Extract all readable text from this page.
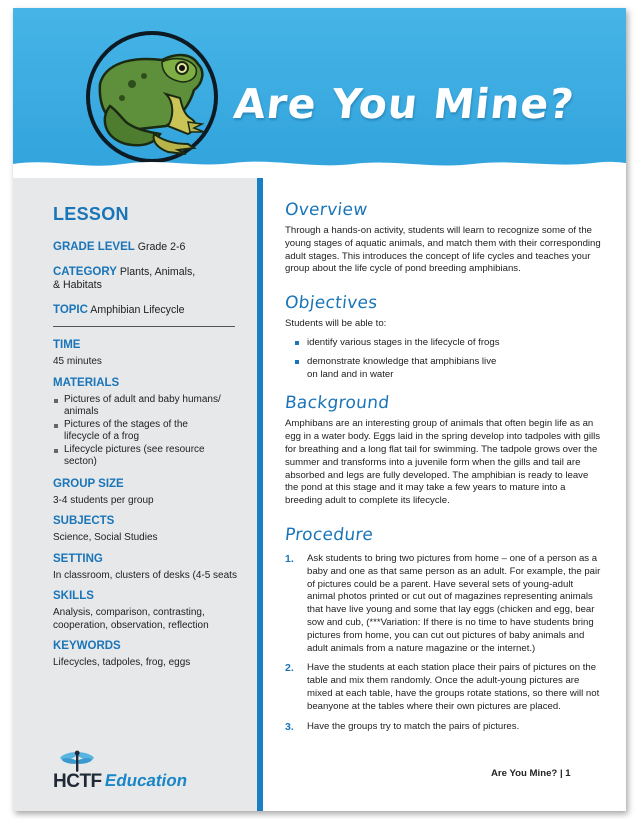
Are You Mine?
LESSON
GRADE LEVEL Grade 2-6
CATEGORY Plants, Animals, & Habitats
TOPIC Amphibian Lifecycle
TIME
45 minutes
MATERIALS
Pictures of adult and baby humans/ animals
Pictures of the stages of the lifecycle of a frog
Lifecycle pictures (see resource secton)
GROUP SIZE
3-4 students per group
SUBJECTS
Science, Social Studies
SETTING
In classroom, clusters of desks (4-5 seats
SKILLS
Analysis, comparison, contrasting, cooperation, observation, reflection
KEYWORDS
Lifecycles, tadpoles, frog, eggs
HCTF Education
Overview

Through a hands-on activity, students will learn to recognize some of the young stages of aquatic animals, and match them with their corresponding adult stages. This introduces the concept of life cycles and teaches your group about the life cycle of pond breeding amphibians.

Objectives

Students will be able to:

identify various stages in the lifecycle of frogs
demonstrate knowledge that amphibians live on land and in water
Background

Amphibans are an interesting group of animals that often begin life as an egg in a water body. Eggs laid in the spring develop into tadpoles with gills for breathing and a long flat tail for swimming. The tadpole grows over the summer and transforms into a juvenile form when the gills and tail are absorbed and legs are fully developed. The amphibian is ready to leave the pond at this stage and it may take a few years to mature into a breeding adult to complete its lifecycle.

Procedure
1. Ask students to bring two pictures from home – one of a person as a baby and one as that same person as an adult. For example, the pair of pictures could be a parent. Have several sets of young-adult animal photos printed or cut out of magazines representing animals that have live young and some that lay eggs (chicken and egg, bear sow and cub, (***Variation: If there is no time to have students bring pictures from home, you can cut out pictures of baby animals and adult animals from a nature magazine or the internet.)
2. Have the students at each station place their pairs of pictures on the table and mix them randomly. Once the adult-young pictures are mixed at each table, have the groups rotate stations, so there will not beanyone at the tables where their own pictures are placed.
3. Have the groups try to match the pairs of pictures.
Are You Mine? | 1
